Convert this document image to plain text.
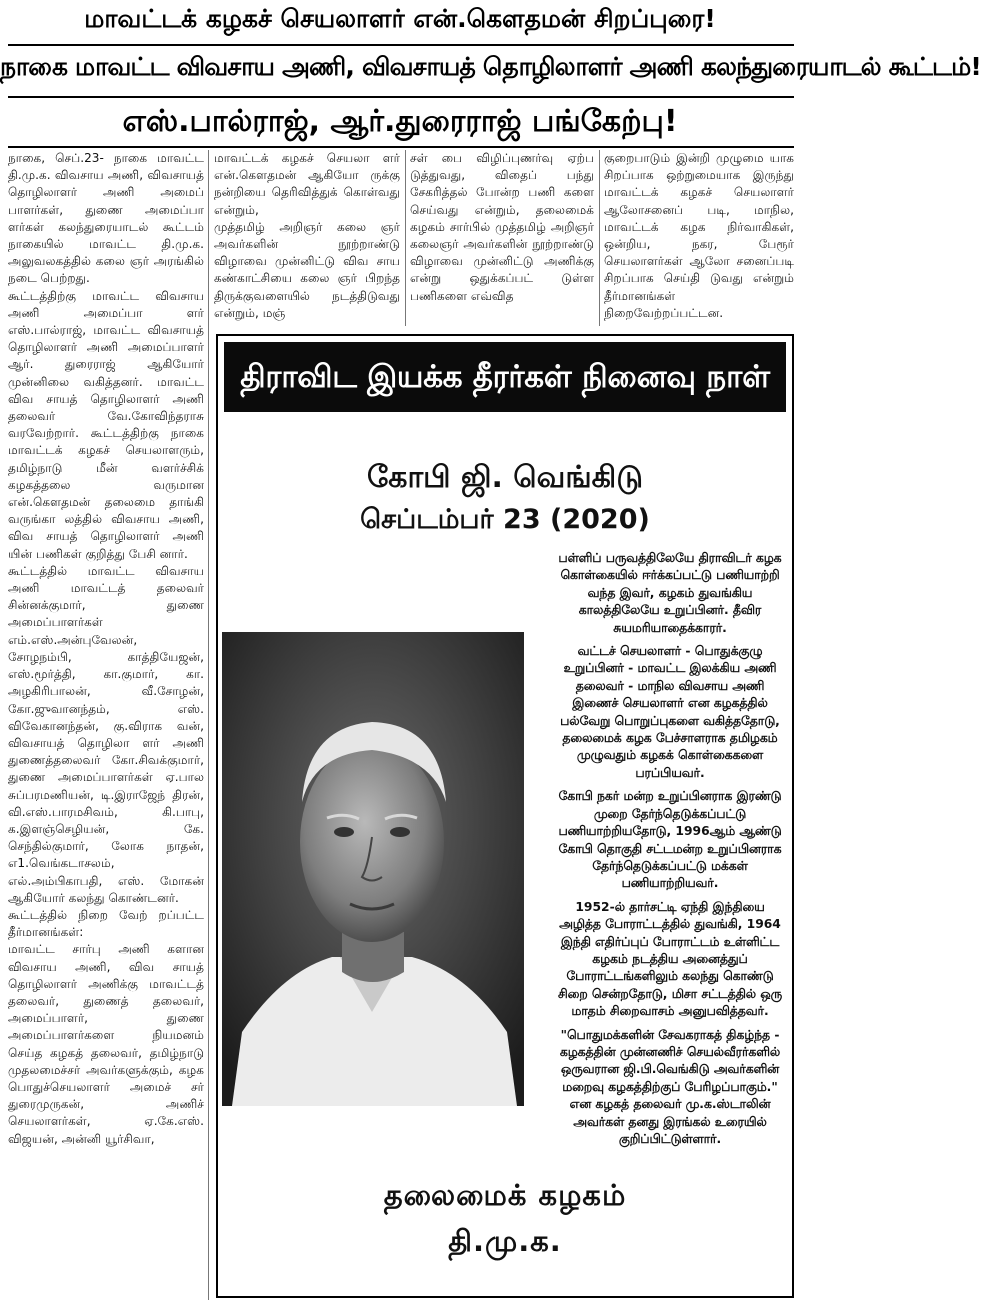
மாவட்டக் கழகச் செயலாளர் என்.கௌதமன் சிறப்புரை!
நாகை மாவட்ட விவசாய அணி, விவசாயத் தொழிலாளர் அணி கலந்துரையாடல் கூட்டம்!
எஸ்.பால்ராஜ், ஆர்.துரைராஜ் பங்கேற்பு!

நாகை, செப்.23- நாகை மாவட்ட தி.மு.க. விவசாய அணி, விவசாயத் தொழிலாளர் அணி அமைப் பாளர்கள், துணை அமைப்பா ளர்கள் கலந்துரையாடல் கூட்டம் நாகையில் மாவட்ட தி.மு.க. அலுவலகத்தில் கலை ஞர் அரங்கில் நடை பெற்றது.

கூட்டத்திற்கு மாவட்ட விவசாய அணி அமைப்பா ளர் எஸ்.பால்ராஜ், மாவட்ட விவசாயத் தொழிலாளர் அணி அமைப்பாளர் ஆர். துரைராஜ் ஆகியோர் முன்னிலை வகித்தனர். மாவட்ட விவ சாயத் தொழிலாளர் அணி தலைவர் வே.கோவிந்தராசு வரவேற்றார். கூட்டத்திற்கு நாகை மாவட்டக் கழகச் செயலாளரும், தமிழ்நாடு மீன் வளர்ச்சிக் கழகத்தலை வருமான என்.கௌதமன் தலைமை தாங்கி வருங்கா லத்தில் விவசாய அணி, விவ சாயத் தொழிலாளர் அணி யின் பணிகள் குறித்து பேசி னார்.

கூட்டத்தில் மாவட்ட விவசாய அணி மாவட்டத் தலைவர் சின்னக்குமார், துணை அமைப்பாளர்கள் எம்.எஸ்.அன்புவேலன், சோழநம்பி, காத்தியேஜன், எஸ்.மூர்த்தி, கா.குமார், கா. அழகிரிபாலன், வீ.சோழன், கோ.ஜுவானந்தம், எஸ். விவேகானந்தன், கு.விராக வன், விவசாயத் தொழிலா ளர் அணி துணைத்தலைவர் கோ.சிவக்குமார், துணை அமைப்பாளர்கள் ஏ.பால சுப்பரமணியன், டி.இராஜேந் திரன், வி.எஸ்.பாரமசிவம், கி.பாபு, க.இளஞ்செழியன், கே. செந்தில்குமார், லோக நாதன், எ1.வெங்கடாசலம், எல்.அம்பிகாபதி, எஸ். மோகன் ஆகியோர் கலந்து கொண்டனர்.

கூட்டத்தில் நிறை வேற் றப்பட்ட தீர்மானங்கள்:

மாவட்ட சார்பு அணி களான விவசாய அணி, விவ சாயத் தொழிலாளர் அணிக்கு மாவட்டத் தலைவர், துணைத் தலைவர், அமைப்பாளர், துணை அமைப்பாளர்களை நியமனம் செய்த கழகத் தலைவர், தமிழ்நாடு முதலமைச்சர் அவர்களுக்கும், கழக பொதுச்செயலாளர் அமைச் சர் துரைமுருகன், அணிச் செயலாளர்கள், ஏ.கே.எஸ். விஜயன், அன்னி யூர்சிவா,

மாவட்டக் கழகச் செயலா ளர் என்.கௌதமன் ஆகியோ ருக்கு நன்றியை தெரிவித்துக் கொள்வது என்றும்,

முத்தமிழ் அறிஞர் கலை ஞர் அவர்களின் நூற்றாண்டு விழாவை முன்னிட்டு விவ சாய கண்காட்சியை கலை ஞர் பிறந்த திருக்குவளையில் நடத்திடுவது என்றும், மஞ்

சள் பை விழிப்புணர்வு ஏற்ப டுத்துவது, விதைப் பந்து சேகரித்தல் போன்ற பணி களை செய்வது என்றும், தலைமைக் கழகம் சார்பில் முத்தமிழ் அறிஞர் கலைஞர் அவர்களின் நூற்றாண்டு விழாவை முன்னிட்டு அணிக்கு என்று ஒதுக்கப்பட் டுள்ள பணிகளை எவ்வித

குறைபாடும் இன்றி முழுமை யாக சிறப்பாக ஒற்றுமையாக இருந்து மாவட்டக் கழகச் செயலாளர் ஆலோசனைப் படி, மாநில, மாவட்டக் கழக நிர்வாகிகள், ஒன்றிய, நகர, பேரூர் செயலாளர்கள் ஆலோ சனைப்படி சிறப்பாக செய்தி டுவது என்றும் தீர்மானங்கள் நிறைவேற்றப்பட்டன.

திராவிட இயக்க தீரர்கள் நினைவு நாள்
கோபி ஜி. வெங்கிடு
செப்டம்பர் 23 (2020)

பள்ளிப் பருவத்திலேயே திராவிடர் கழக கொள்கையில் ஈர்க்கப்பட்டு பணியாற்றி வந்த இவர், கழகம் துவங்கிய காலத்திலேயே உறுப்பினர். தீவிர சுயமரியாதைக்காரர்.

வட்டச் செயலாளர் - பொதுக்குழு உறுப்பினர் - மாவட்ட இலக்கிய அணி தலைவர் - மாநில விவசாய அணி இணைச் செயலாளர் என கழகத்தில் பல்வேறு பொறுப்புகளை வகித்ததோடு, தலைமைக் கழக பேச்சாளராக தமிழகம் முழுவதும் கழகக் கொள்கைகளை பரப்பியவர்.

கோபி நகர் மன்ற உறுப்பினராக இரண்டு முறை தேர்ந்தெடுக்கப்பட்டு பணியாற்றியதோடு, 1996ஆம் ஆண்டு கோபி தொகுதி சட்டமன்ற உறுப்பினராக தேர்ந்தெடுக்கப்பட்டு மக்கள் பணியாற்றியவர்.

1952-ல் தார்சட்டி ஏந்தி இந்தியை அழித்த போராட்டத்தில் துவங்கி, 1964 இந்தி எதிர்ப்புப் போராட்டம் உள்ளிட்ட கழகம் நடத்திய அனைத்துப் போராட்டங்களிலும் கலந்து கொண்டு சிறை சென்றதோடு, மிசா சட்டத்தில் ஒரு மாதம் சிறைவாசம் அனுபவித்தவர்.

"பொதுமக்களின் சேவகராகத் திகழ்ந்த - கழகத்தின் முன்னணிச் செயல்வீரர்களில் ஒருவரான ஜி.பி.வெங்கிடு அவர்களின் மறைவு கழகத்திற்குப் பேரிழப்பாகும்." என கழகத் தலைவர் மு.க.ஸ்டாலின் அவர்கள் தனது இரங்கல் உரையில் குறிப்பிட்டுள்ளார்.

தலைமைக் கழகம்
தி.மு.க.
